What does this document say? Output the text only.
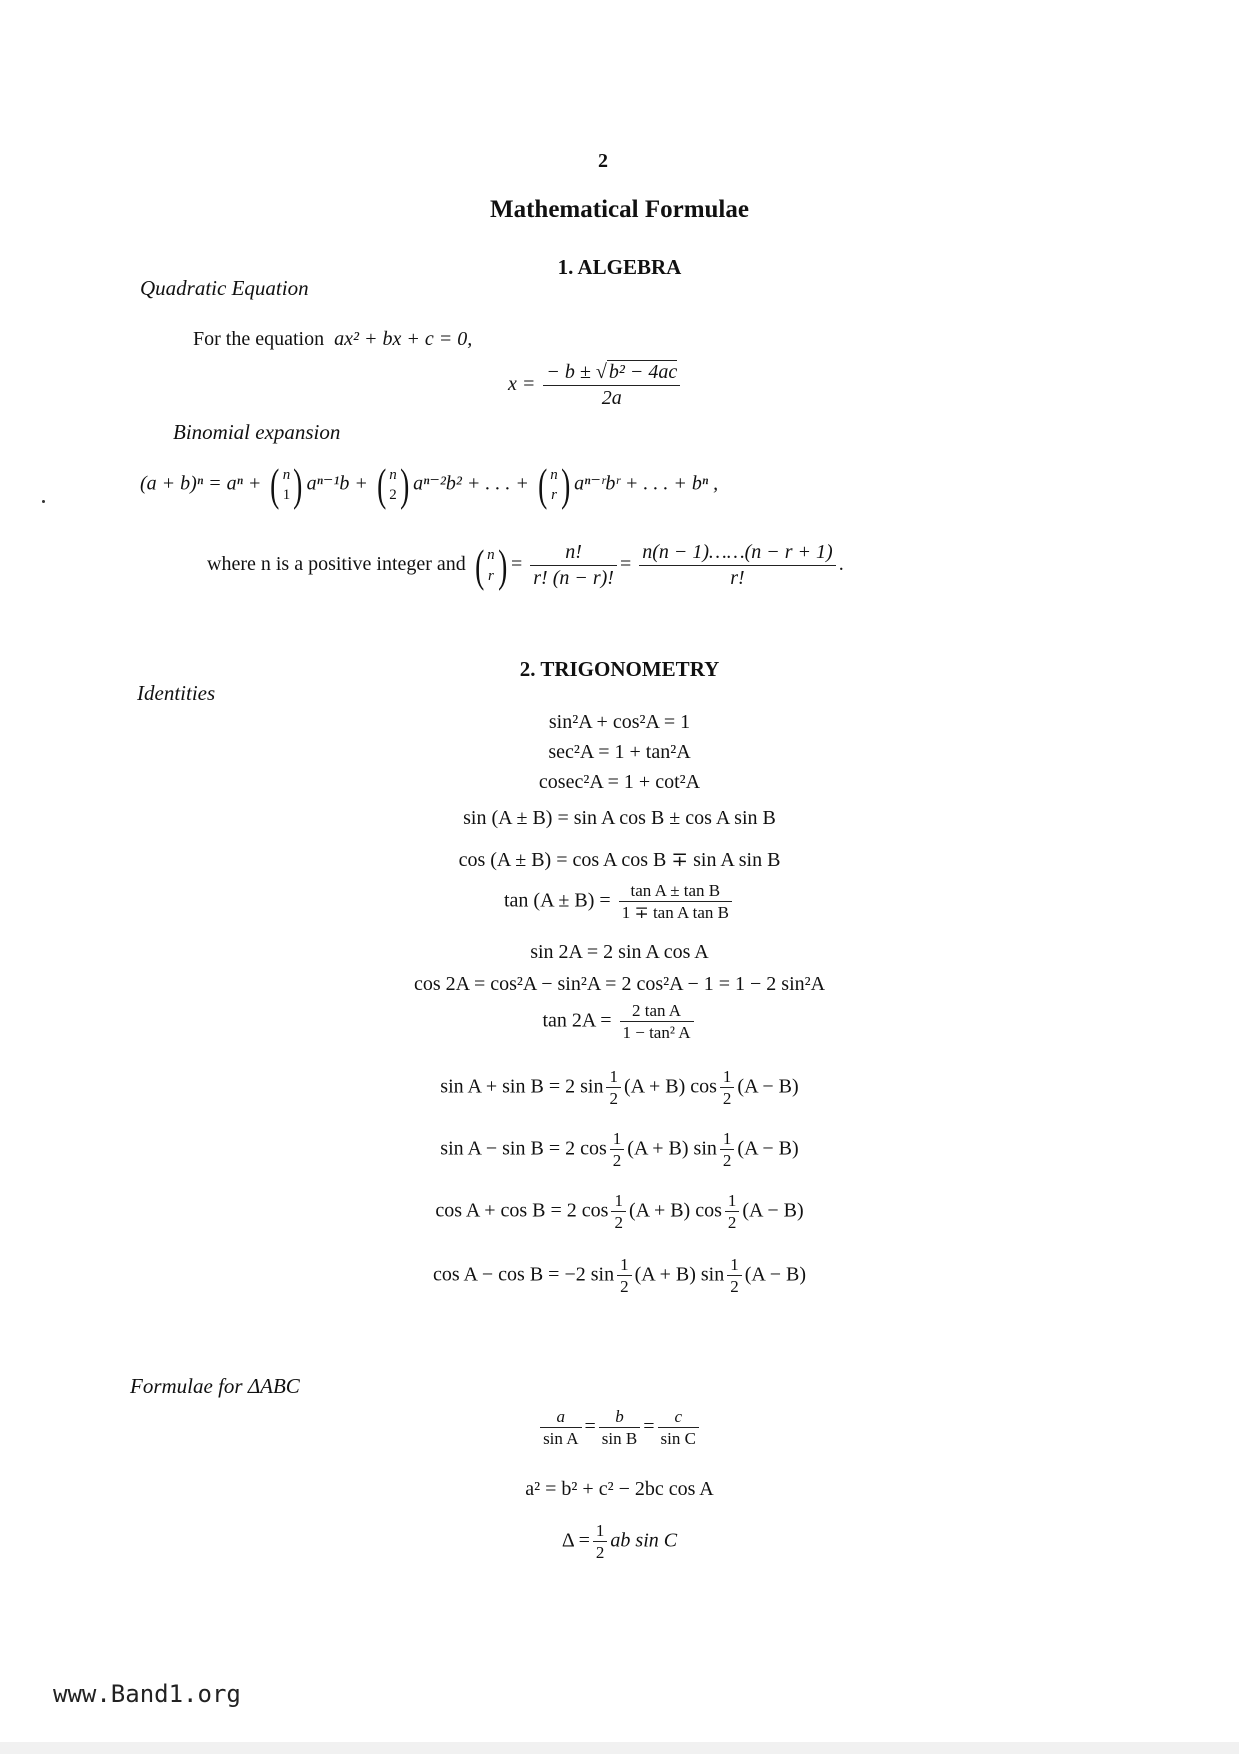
2
Mathematical Formulae
1. ALGEBRA
Quadratic Equation
For the equation ax² + bx + c = 0,
$x = \frac{\text{− b ± √ b² − 4ac}}{2a}$
Binomial expansion
(a + b)ⁿ = aⁿ + ( n
1 ) aⁿ⁻¹b + ( n
2 ) aⁿ⁻²b² + . . . + ( n
r ) aⁿ⁻ʳbʳ + . . . + bⁿ ,
where n is a positive integer and ( n
r ) = $\frac{n!}{r! (n - r)!} = \frac{n(n - 1)\dots\dots(n - r + 1)}{r!}$ .
2. TRIGONOMETRY
Identities
sin²A + cos²A = 1
sec²A = 1 + tan²A
cosec²A = 1 + cot²A
sin (A ± B) = sin A cos B ± cos A sin B
cos (A ± B) = cos A cos B ∓ sin A sin B
$\tan (A \pm B) = \frac{\text{tan A ± tan B}}{\text{1 ∓ tan A tan B}}$
sin 2A = 2 sin A cos A
cos 2A = cos²A − sin²A = 2 cos²A − 1 = 1 − 2 sin²A
$\tan 2A = \frac{\text{2 tan A}}{\text{1 − tan² A}}$
sin A + sin B = 2 $\sin \frac{1}{2} (A + B)$ $\cos \frac{1}{2} (A - B)$
sin A − sin B = 2 $\cos \frac{1}{2} (A + B)$ $\sin \frac{1}{2} (A - B)$
cos A + cos B = 2 $\cos \frac{1}{2} (A + B)$ $\cos \frac{1}{2} (A - B)$
cos A − cos B = −2 $\sin \frac{1}{2} (A + B)$ $\sin \frac{1}{2} (A - B)$
Formulae for ΔABC
$\frac{a}{\text{sin A}} = \frac{b}{\text{sin B}} = \frac{c}{\text{sin C}}$
a² = b² + c² − 2bc cos A
$\Delta = \frac{1}{2}$ ab sin C
www.Band1.org
